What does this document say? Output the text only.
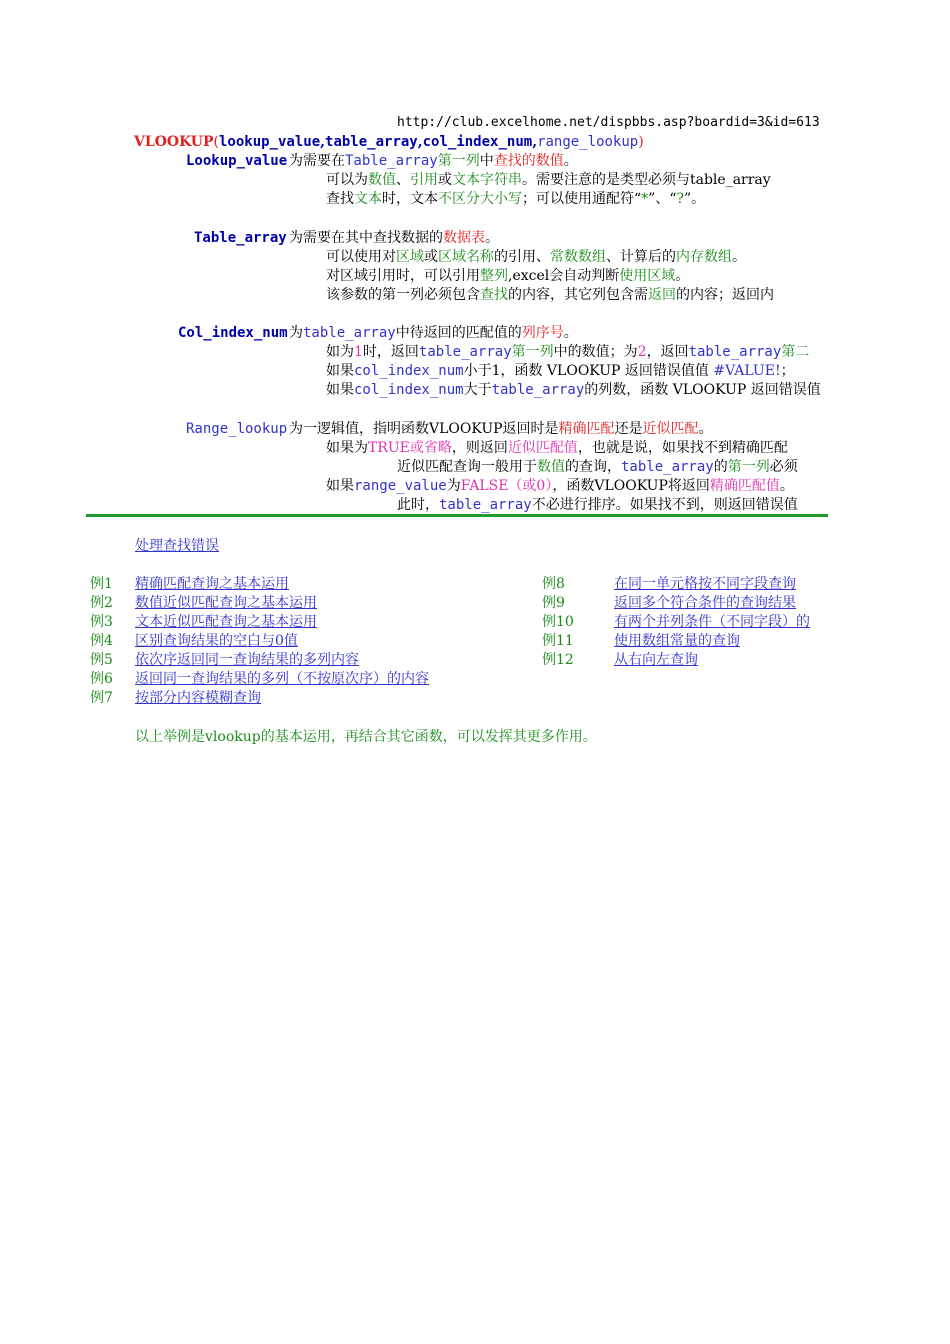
http://club.excelhome.net/dispbbs.asp?boardid=3&id=613
VLOOKUP(lookup_value,table_array,col_index_num,range_lookup)
Lookup_value 为需要在Table_array第一列中查找的数值。
可以为数值、引用或文本字符串。需要注意的是类型必须与table_array
查找文本时，文本不区分大小写；可以使用通配符“*”、“?”。
Table_array 为需要在其中查找数据的数据表。
可以使用对区域或区域名称的引用、常数数组、计算后的内存数组。
对区域引用时，可以引用整列,excel会自动判断使用区域。
该参数的第一列必须包含查找的内容，其它列包含需返回的内容；返回内
Col_index_num 为table_array中待返回的匹配值的列序号。
如为1时，返回table_array第一列中的数值；为2，返回table_array第二
如果col_index_num小于1，函数 VLOOKUP 返回错误值值 #VALUE!；
如果col_index_num大于table_array的列数，函数 VLOOKUP 返回错误值
Range_lookup 为一逻辑值，指明函数VLOOKUP返回时是精确匹配还是近似匹配。
如果为TRUE或省略，则返回近似匹配值，也就是说，如果找不到精确匹配
近似匹配查询一般用于数值的查询，table_array的第一列必须
如果range_value为FALSE（或0），函数VLOOKUP将返回精确匹配值。
此时，table_array不必进行排序。如果找不到，则返回错误值
处理查找错误
例1 精确匹配查询之基本运用
例2 数值近似匹配查询之基本运用
例3 文本近似匹配查询之基本运用
例4 区别查询结果的空白与0值
例5 依次序返回同一查询结果的多列内容
例6 返回同一查询结果的多列（不按原次序）的内容
例7 按部分内容模糊查询
例8	在同一单元格按不同字段查询
例9	返回多个符合条件的查询结果
例10	有两个并列条件（不同字段）的
例11	使用数组常量的查询
例12	从右向左查询
以上举例是vlookup的基本运用，再结合其它函数，可以发挥其更多作用。
